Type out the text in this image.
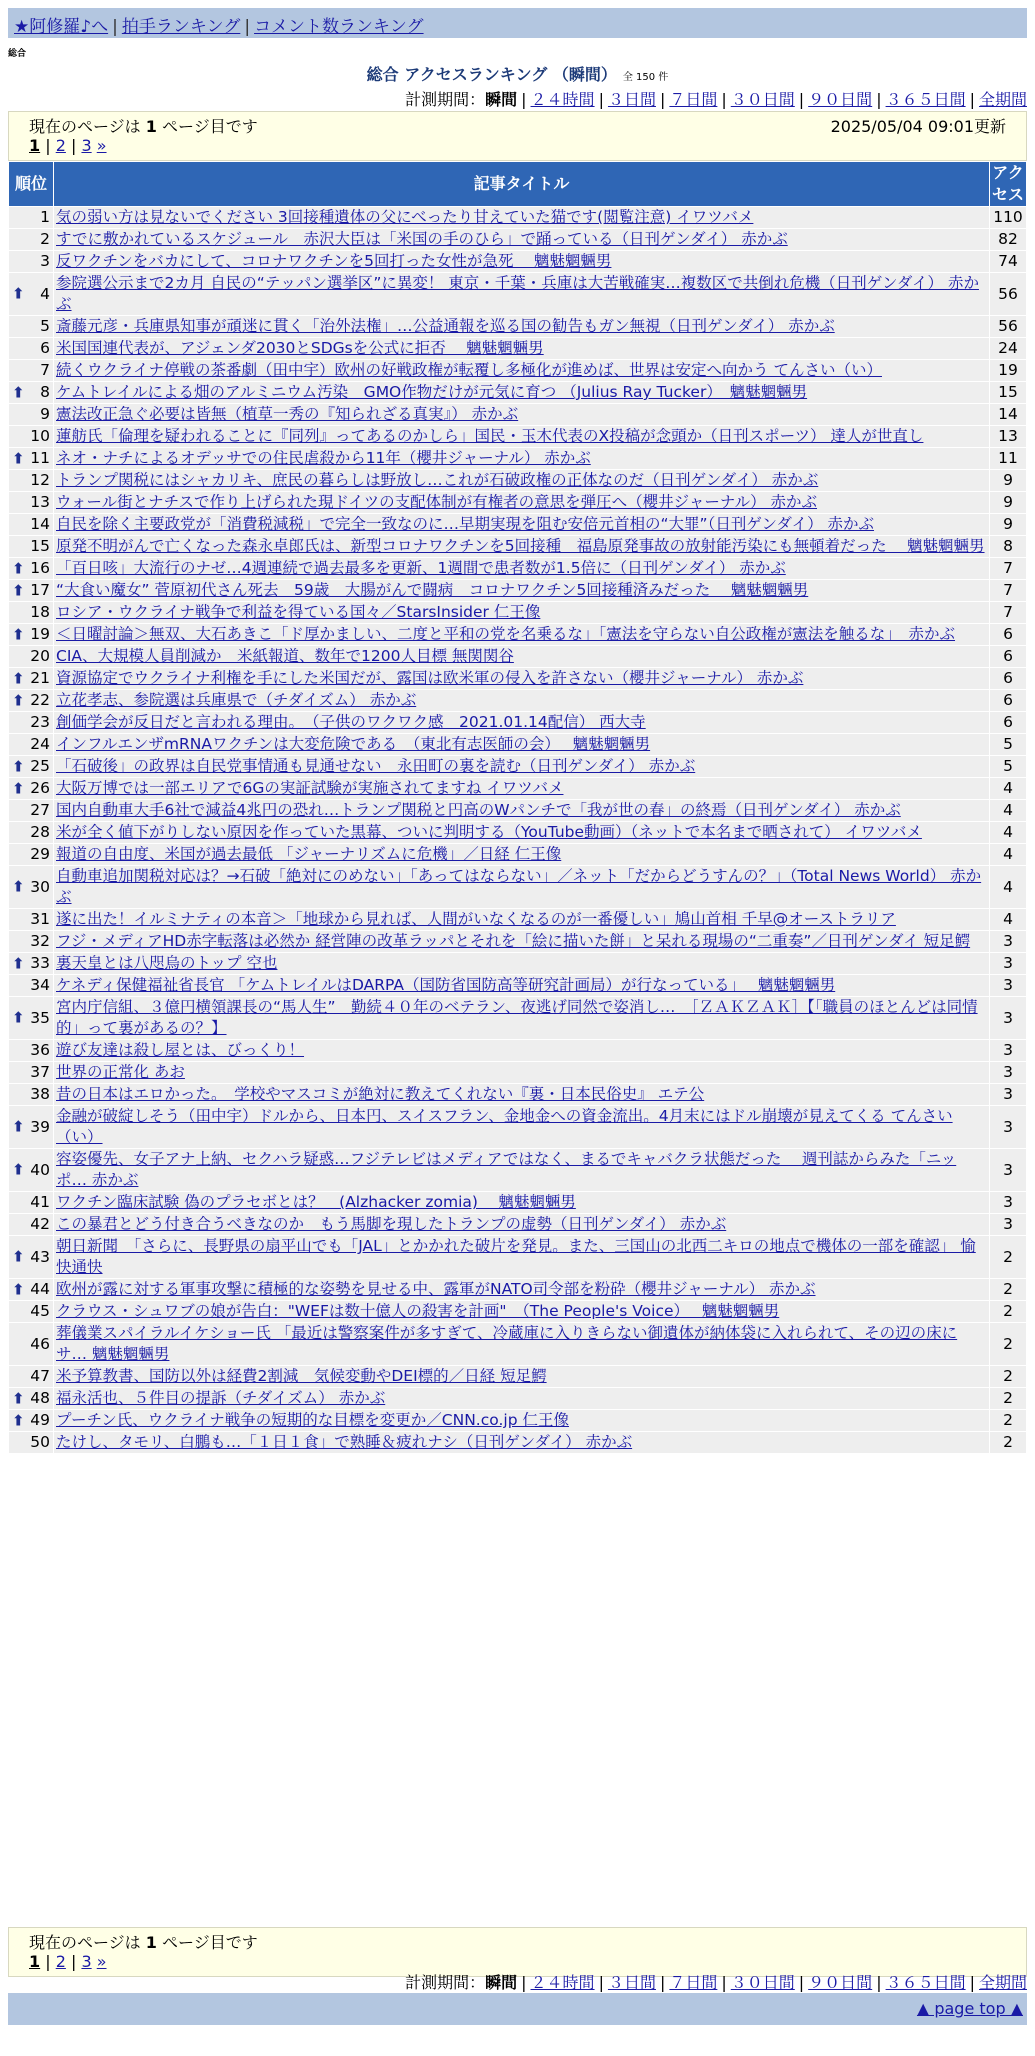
★阿修羅♪へ | 拍手ランキング | コメント数ランキング
総合
総合 アクセスランキング （瞬間） 全 150 件
計測期間：瞬間 | ２４時間 | ３日間 | ７日間 | ３０日間 | ９０日間 | ３６５日間 | 全期間
現在のページは 1 ページ目です	2025/05/04 09:01更新
1 | 2 | 3 »
順位	記事タイトル	アクセス
1	気の弱い方は見ないでください 3回接種遺体の父にべったり甘えていた猫です(閲覧注意) イワツバメ	110
2	すでに敷かれているスケジュール　赤沢大臣は「米国の手のひら」で踊っている（日刊ゲンダイ） 赤かぶ	82
3	反ワクチンをバカにして、コロナワクチンを5回打った女性が急死　 魑魅魍魎男	74

⬆ 4	参院選公示まで2カ月 自民の“テッパン選挙区”に異変！ 東京・千葉・兵庫は大苦戦確実…複数区で共倒れ危機（日刊ゲンダイ） 赤かぶ	56
5	斎藤元彦・兵庫県知事が頑迷に貫く「治外法権」…公益通報を巡る国の勧告もガン無視（日刊ゲンダイ） 赤かぶ	56
6	米国国連代表が、アジェンダ2030とSDGsを公式に拒否　 魑魅魍魎男	24
7	続くウクライナ停戦の茶番劇（田中宇）欧州の好戦政権が転覆し多極化が進めば、世界は安定へ向かう てんさい（い）	19

⬆ 8	ケムトレイルによる畑のアルミニウム汚染　GMO作物だけが元気に育つ （Julius Ray Tucker）　魑魅魍魎男	15
9	憲法改正急ぐ必要は皆無（植草一秀の『知られざる真実』） 赤かぶ	14
10	蓮舫氏「倫理を疑われることに『同列』ってあるのかしら」国民・玉木代表のX投稿が念頭か（日刊スポーツ） 達人が世直し	13

⬆ 11	ネオ・ナチによるオデッサでの住民虐殺から11年（櫻井ジャーナル） 赤かぶ	11
12	トランプ関税にはシャカリキ、庶民の暮らしは野放し…これが石破政権の正体なのだ（日刊ゲンダイ） 赤かぶ	9
13	ウォール街とナチスで作り上げられた現ドイツの支配体制が有権者の意思を弾圧へ（櫻井ジャーナル） 赤かぶ	9
14	自民を除く主要政党が「消費税減税」で完全一致なのに…早期実現を阻む安倍元首相の“大罪”（日刊ゲンダイ） 赤かぶ	9
15	原発不明がんで亡くなった森永卓郎氏は、新型コロナワクチンを5回接種　福島原発事故の放射能汚染にも無頓着だった　 魑魅魍魎男	8

⬆ 16	「百日咳」大流行のナゼ…4週連続で過去最多を更新、1週間で患者数が1.5倍に（日刊ゲンダイ） 赤かぶ	7

⬆ 17	“大食い魔女” 菅原初代さん死去　59歳　大腸がんで闘病　コロナワクチン5回接種済みだった　 魑魅魍魎男	7
18	ロシア・ウクライナ戦争で利益を得ている国々／StarsInsider 仁王像	7

⬆ 19	＜日曜討論＞無双、大石あきこ「ド厚かましい、二度と平和の党を名乗るな」「憲法を守らない自公政権が憲法を触るな」　赤かぶ	6
20	CIA、大規模人員削減か　米紙報道、数年で1200人目標 無関関谷	6

⬆ 21	資源協定でウクライナ利権を手にした米国だが、露国は欧米軍の侵入を許さない（櫻井ジャーナル） 赤かぶ	6

⬆ 22	立花孝志、参院選は兵庫県で（チダイズム） 赤かぶ	6
23	創価学会が反日だと言われる理由。　（子供のワクワク感　2021.01.14配信） 西大寺	6
24	インフルエンザmRNAワクチンは大変危険である　（東北有志医師の会）　 魑魅魍魎男	5

⬆ 25	「石破後」の政界は自民党事情通も見通せない　永田町の裏を読む（日刊ゲンダイ） 赤かぶ	5

⬆ 26	大阪万博では一部エリアで6Gの実証試験が実施されてますね イワツバメ	4
27	国内自動車大手6社で減益4兆円の恐れ…トランプ関税と円高のWパンチで「我が世の春」の終焉（日刊ゲンダイ） 赤かぶ	4
28	米が全く値下がりしない原因を作っていた黒幕、ついに判明する（YouTube動画）（ネットで本名まで晒されて） イワツバメ	4
29	報道の自由度、米国が過去最低 「ジャーナリズムに危機」／日経 仁王像	4

⬆ 30	自動車追加関税対応は？→石破「絶対にのめない」「あってはならない」／ネット「だからどうすんの？」（Total News World） 赤かぶ	4
31	遂に出た！イルミナティの本音＞「地球から見れば、人間がいなくなるのが一番優しい」鳩山首相 千早@オーストラリア	4
32	フジ・メディアHD赤字転落は必然か 経営陣の改革ラッパとそれを「絵に描いた餅」と呆れる現場の“二重奏”／日刊ゲンダイ 短足鰐	3

⬆ 33	裏天皇とは八咫烏のトップ 空也	3
34	ケネディ保健福祉省長官 「ケムトレイルはDARPA（国防省国防高等研究計画局）が行なっている」　 魑魅魍魎男	3

⬆ 35	宮内庁信組、３億円横領課長の“馬人生”　勤続４０年のベテラン、夜逃げ同然で姿消し…　［ＺＡＫＺＡＫ］【「職員のほとんどは同情的」って裏があるの？】	3
36	遊び友達は殺し屋とは、びっくり！	3
37	世界の正常化 あお	3
38	昔の日本はエロかった。　学校やマスコミが絶対に教えてくれない『裏・日本民俗史』 エテ公	3

⬆ 39	金融が破綻しそう（田中宇）ドルから、日本円、スイスフラン、金地金への資金流出。4月末にはドル崩壊が見えてくる てんさい（い）	3

⬆ 40	容姿優先、女子アナ上納、セクハラ疑惑…フジテレビはメディアではなく、まるでキャバクラ状態だった　 週刊誌からみた「ニッポ… 赤かぶ	3
41	ワクチン臨床試験 偽のプラセボとは？　(Alzhacker zomia)　 魑魅魍魎男	3
42	この暴君とどう付き合うべきなのか　もう馬脚を現したトランプの虚勢（日刊ゲンダイ） 赤かぶ	3

⬆ 43	朝日新聞　「さらに、長野県の扇平山でも「JAL」とかかれた破片を発見。また、三国山の北西二キロの地点で機体の一部を確認」 愉快通快	2

⬆ 44	欧州が露に対する軍事攻撃に積極的な姿勢を見せる中、露軍がNATO司令部を粉砕（櫻井ジャーナル） 赤かぶ	2
45	クラウス・シュワブの娘が告白："WEFは数十億人の殺害を計画"　（The People's Voice）　 魑魅魍魎男	2
46	葬儀業スパイラルイケショー氏 「最近は警察案件が多すぎて、冷蔵庫に入りきらない御遺体が納体袋に入れられて、その辺の床にサ… 魑魅魍魎男	2
47	米予算教書、国防以外は経費2割減　気候変動やDEI標的／日経 短足鰐	2

⬆ 48	福永活也、５件目の提訴（チダイズム） 赤かぶ	2

⬆ 49	プーチン氏、ウクライナ戦争の短期的な目標を変更か／CNN.co.jp 仁王像	2
50	たけし、タモリ、白鵬も…「１日１食」で熟睡＆疲れナシ（日刊ゲンダイ） 赤かぶ	2
現在のページは 1 ページ目です
1 | 2 | 3 »
計測期間：瞬間 | ２４時間 | ３日間 | ７日間 | ３０日間 | ９０日間 | ３６５日間 | 全期間
▲ page top ▲
